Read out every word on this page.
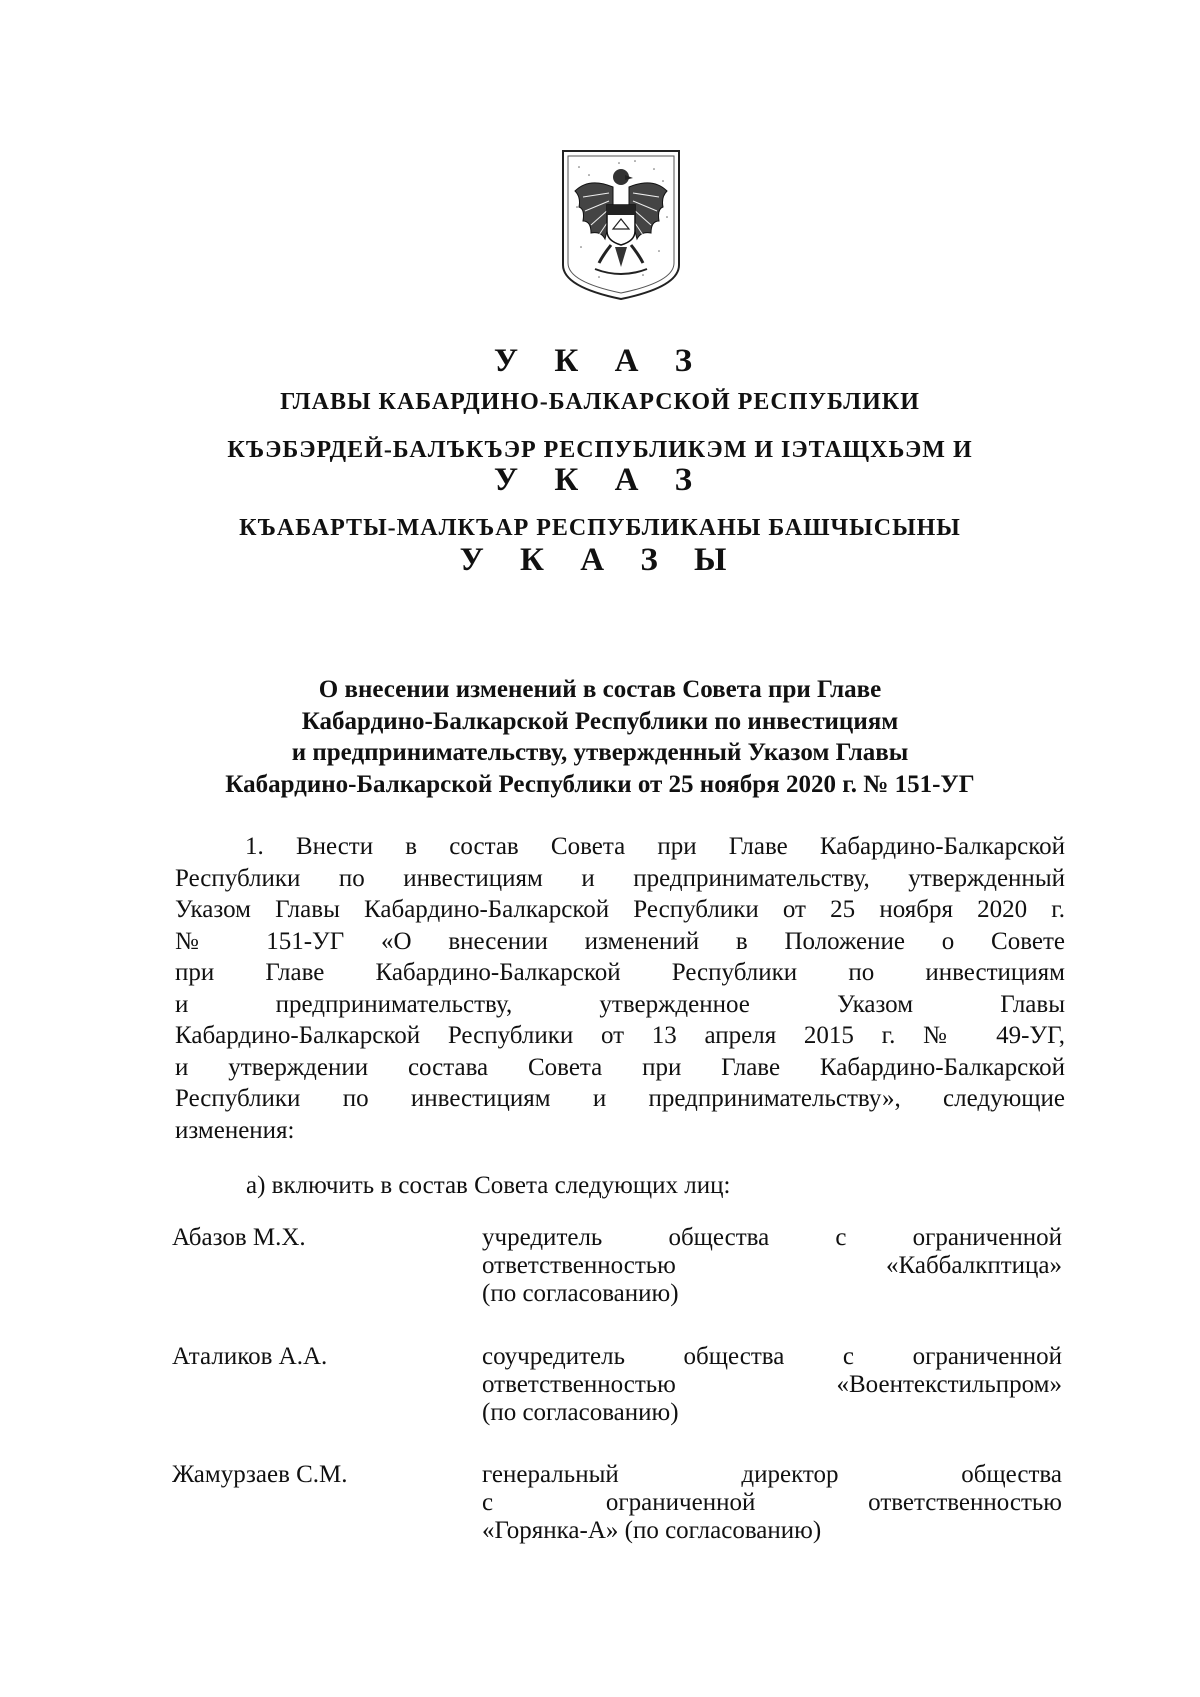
У К А З
ГЛАВЫ КАБАРДИНО-БАЛКАРСКОЙ РЕСПУБЛИКИ
КЪЭБЭРДЕЙ-БАЛЪКЪЭР РЕСПУБЛИКЭМ И IЭТАЩХЬЭМ И
У К А З
КЪАБАРТЫ-МАЛКЪАР РЕСПУБЛИКАНЫ БАШЧЫСЫНЫ
У К А З Ы
О внесении изменений в состав Совета при Главе
Кабардино-Балкарской Республики по инвестициям
и предпринимательству, утвержденный Указом Главы
Кабардино-Балкарской Республики от 25 ноября 2020 г. № 151-УГ
1. Внести в состав Совета при Главе Кабардино-Балкарской
Республики по инвестициям и предпринимательству, утвержденный
Указом Главы Кабардино-Балкарской Республики от 25 ноября 2020 г.
№ 151-УГ «О внесении изменений в Положение о Совете
при Главе Кабардино-Балкарской Республики по инвестициям
и предпринимательству, утвержденное Указом Главы
Кабардино-Балкарской Республики от 13 апреля 2015 г. № 49-УГ,
и утверждении состава Совета при Главе Кабардино-Балкарской
Республики по инвестициям и предпринимательству», следующие
изменения:
а) включить в состав Совета следующих лиц:
Абазов М.Х.	учредитель общества с ограниченной
ответственностью «Каббалкптица»
(по согласованию)
Аталиков А.А.	соучредитель общества с ограниченной
ответственностью «Воентекстильпром»
(по согласованию)
Жамурзаев С.М.	генеральный директор общества
с ограниченной ответственностью
«Горянка-А» (по согласованию)
